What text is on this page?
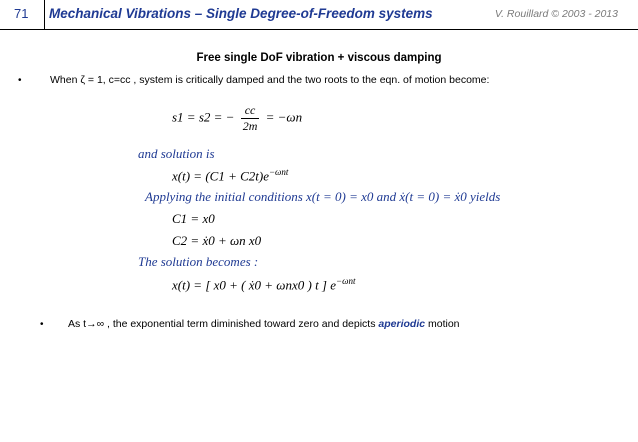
71 Mechanical Vibrations – Single Degree-of-Freedom systems	V. Rouillard © 2003 - 2013
Free single DoF vibration + viscous damping
•	When ζ = 1, c=cc , system is critically damped and the two roots to the eqn. of motion become:
s1 = s2 = − $\frac{cc}{2m} = -\omega n$
and solution is
$x(t) = (C1 + C2t)e^{-\omega nt}$
Applying the initial conditions x(t = 0) = x0 and ẋ(t = 0) = ẋ0 yields
C1 = x0
C2 = ẋ0 + ωn x0
The solution becomes :
x(t) = [ x0 + ( ẋ0 + ωnx0 ) t ] $e^{-\omega nt}$
• As t→∞ , the exponential term diminished toward zero and depicts aperiodic motion
